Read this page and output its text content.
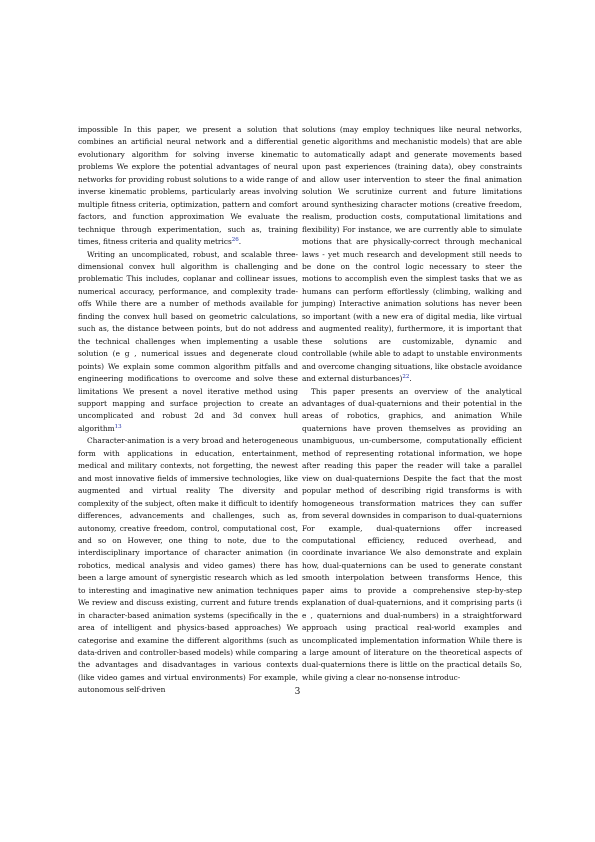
impossible In this paper, we present a solution that combines an artificial neural network and a differential evolutionary algorithm for solving inverse kinematic problems We explore the potential advantages of neural networks for providing robust solutions to a wide range of inverse kinematic problems, particularly areas involving multiple fitness criteria, optimization, pattern and comfort factors, and function approximation We evaluate the technique through experimentation, such as, training times, fitness criteria and quality metrics$^{26}$.

Writing an uncomplicated, robust, and scalable three-dimensional convex hull algorithm is challenging and problematic This includes, coplanar and collinear issues, numerical accuracy, performance, and complexity trade-offs While there are a number of methods available for finding the convex hull based on geometric calculations, such as, the distance between points, but do not address the technical challenges when implementing a usable solution (e g , numerical issues and degenerate cloud points) We explain some common algorithm pitfalls and engineering modifications to overcome and solve these limitations We present a novel iterative method using support mapping and surface projection to create an uncomplicated and robust 2d and 3d convex hull algorithm$^{13}$

Character-animation is a very broad and heterogeneous form with applications in education, entertainment, medical and military contexts, not forgetting, the newest and most innovative fields of immersive technologies, like augmented and virtual reality The diversity and complexity of the subject, often make it difficult to identify differences, advancements and challenges, such as, autonomy, creative freedom, control, computational cost, and so on However, one thing to note, due to the interdisciplinary importance of character animation (in robotics, medical analysis and video games) there has been a large amount of synergistic research which as led to interesting and imaginative new animation techniques We review and discuss existing, current and future trends in character-based animation systems (specifically in the area of intelligent and physics-based approaches) We categorise and examine the different algorithms (such as data-driven and controller-based models) while comparing the advantages and disadvantages in various contexts (like video games and virtual environments) For example, autonomous self-driven

solutions (may employ techniques like neural networks, genetic algorithms and mechanistic models) that are able to automatically adapt and generate movements based upon past experiences (training data), obey constraints and allow user intervention to steer the final animation solution We scrutinize current and future limitations around synthesizing character motions (creative freedom, realism, production costs, computational limitations and flexibility) For instance, we are currently able to simulate motions that are physically-correct through mechanical laws - yet much research and development still needs to be done on the control logic necessary to steer the motions to accomplish even the simplest tasks that we as humans can perform effortlessly (climbing, walking and jumping) Interactive animation solutions has never been so important (with a new era of digital media, like virtual and augmented reality), furthermore, it is important that these solutions are customizable, dynamic and controllable (while able to adapt to unstable environments and overcome changing situations, like obstacle avoidance and external disturbances)$^{22}$.

This paper presents an overview of the analytical advantages of dual-quaternions and their potential in the areas of robotics, graphics, and animation While quaternions have proven themselves as providing an unambiguous, un-cumbersome, computationally efficient method of representing rotational information, we hope after reading this paper the reader will take a parallel view on dual-quaternions Despite the fact that the most popular method of describing rigid transforms is with homogeneous transformation matrices they can suffer from several downsides in comparison to dual-quaternions For example, dual-quaternions offer increased computational efficiency, reduced overhead, and coordinate invariance We also demonstrate and explain how, dual-quaternions can be used to generate constant smooth interpolation between transforms Hence, this paper aims to provide a comprehensive step-by-step explanation of dual-quaternions, and it comprising parts (i e , quaternions and dual-numbers) in a straightforward approach using practical real-world examples and uncomplicated implementation information While there is a large amount of literature on the theoretical aspects of dual-quaternions there is little on the practical details So, while giving a clear no-nonsense introduc-

3
